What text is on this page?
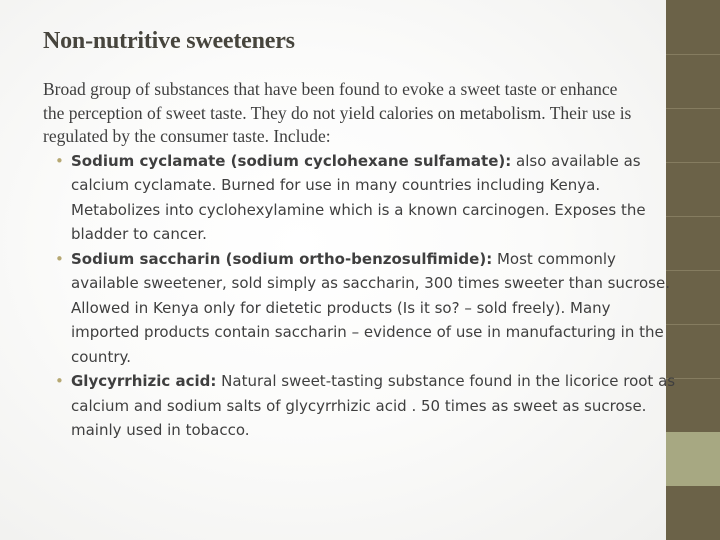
Non-nutritive sweeteners

Broad group of substances that have been found to evoke a sweet taste or enhance the perception of sweet taste. They do not yield calories on metabolism. Their use is regulated by the consumer taste. Include:

• Sodium cyclamate (sodium cyclohexane sulfamate): also available as calcium cyclamate. Burned for use in many countries including Kenya. Metabolizes into cyclohexylamine which is a known carcinogen. Exposes the bladder to cancer.
• Sodium saccharin (sodium ortho-benzosulfimide): Most commonly available sweetener, sold simply as saccharin, 300 times sweeter than sucrose. Allowed in Kenya only for dietetic products (Is it so? – sold freely). Many imported products contain saccharin – evidence of use in manufacturing in the country.
• Glycyrrhizic acid: Natural sweet-tasting substance found in the licorice root as calcium and sodium salts of glycyrrhizic acid . 50 times as sweet as sucrose. mainly used in tobacco.
